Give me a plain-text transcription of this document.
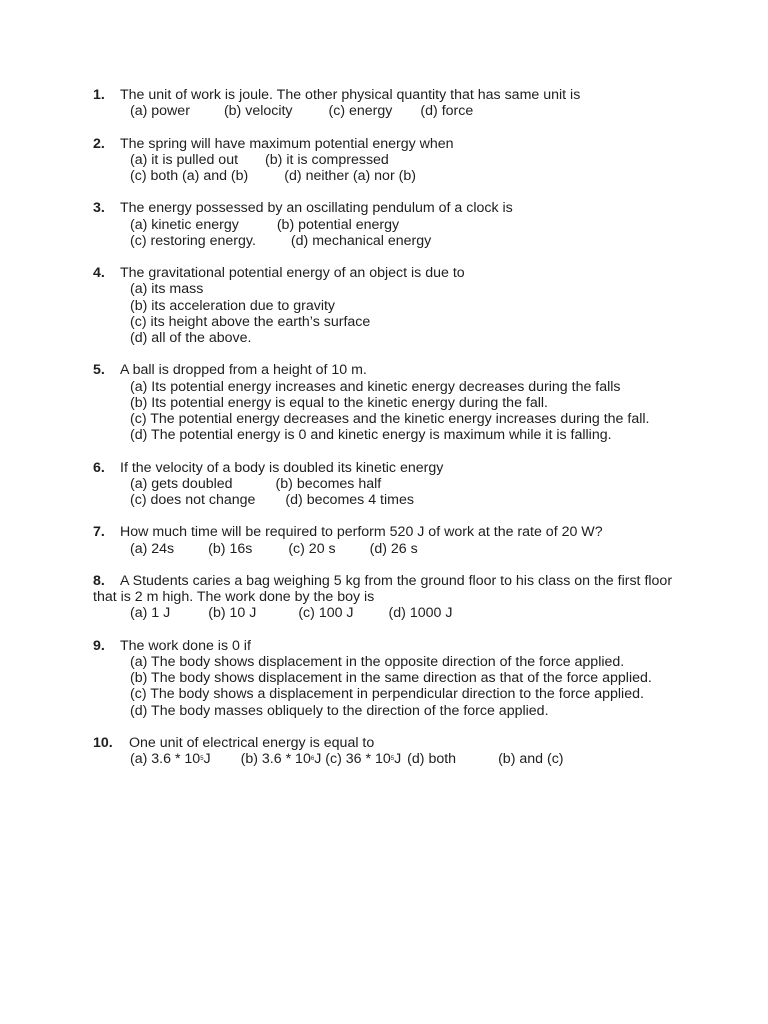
1. The unit of work is joule. The other physical quantity that has same unit is
(a) power (b) velocity	(c) energy (d) force
2. The spring will have maximum potential energy when
(a) it is pulled out (b) it is compressed
(c) both (a) and (b)	(d) neither (a) nor (b)
3. The energy possessed by an oscillating pendulum of a clock is
(a) kinetic energy	(b) potential energy
(c) restoring energy. (d) mechanical energy
4. The gravitational potential energy of an object is due to
(a) its mass
(b) its acceleration due to gravity
(c) its height above the earth’s surface
(d) all of the above.
5. A ball is dropped from a height of 10 m.
(a) Its potential energy increases and kinetic energy decreases during the falls
(b) Its potential energy is equal to the kinetic energy during the fall.
(c) The potential energy decreases and the kinetic energy increases during the fall.
(d) The potential energy is 0 and kinetic energy is maximum while it is falling.
6. If the velocity of a body is doubled its kinetic energy
(a) gets doubled	(b) becomes half
(c) does not change (d) becomes 4 times
7. How much time will be required to perform 520 J of work at the rate of 20 W?
(a) 24s (b) 16s	(c) 20 s (d) 26 s
8. A Students caries a bag weighing 5 kg from the ground floor to his class on the first floor that is 2 m high. The work done by the boy is
(a) 1 J	(b) 10 J	(c) 100 J (d) 1000 J
9. The work done is 0 if
(a) The body shows displacement in the opposite direction of the force applied.
(b) The body shows displacement in the same direction as that of the force applied.
(c) The body shows a displacement in perpendicular direction to the force applied.
(d) The body masses obliquely to the direction of the force applied.
10. One unit of electrical energy is equal to
(a) $3.6 * 10^5J$ (b) $3.6 * 10^6J$ (c) $36 * 10^5J$ (d) both	(b) and (c)
